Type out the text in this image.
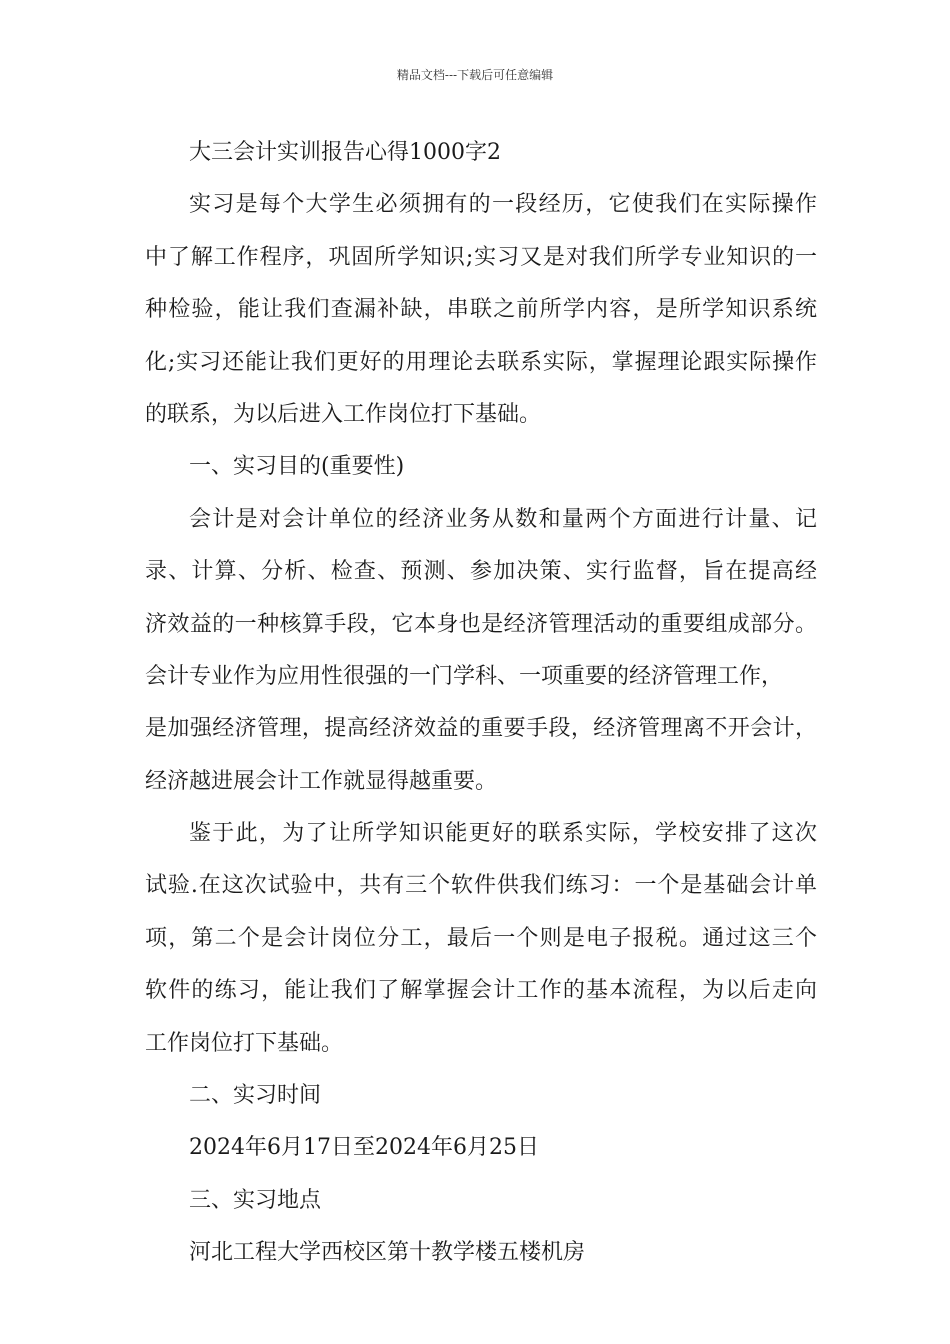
精品文档---下载后可任意编辑
大三会计实训报告心得1000字2
实习是每个大学生必须拥有的一段经历，它使我们在实际操作
中了解工作程序，巩固所学知识;实习又是对我们所学专业知识的一
种检验，能让我们查漏补缺，串联之前所学内容，是所学知识系统
化;实习还能让我们更好的用理论去联系实际，掌握理论跟实际操作
的联系，为以后进入工作岗位打下基础。
一、实习目的(重要性)
会计是对会计单位的经济业务从数和量两个方面进行计量、记
录、计算、分析、检查、预测、参加决策、实行监督，旨在提高经
济效益的一种核算手段，它本身也是经济管理活动的重要组成部分。
会计专业作为应用性很强的一门学科、一项重要的经济管理工作，
是加强经济管理，提高经济效益的重要手段，经济管理离不开会计，
经济越进展会计工作就显得越重要。
鉴于此，为了让所学知识能更好的联系实际，学校安排了这次
试验.在这次试验中，共有三个软件供我们练习：一个是基础会计单
项，第二个是会计岗位分工，最后一个则是电子报税。通过这三个
软件的练习，能让我们了解掌握会计工作的基本流程，为以后走向
工作岗位打下基础。
二、实习时间
2024年6月17日至2024年6月25日
三、实习地点
河北工程大学西校区第十教学楼五楼机房
